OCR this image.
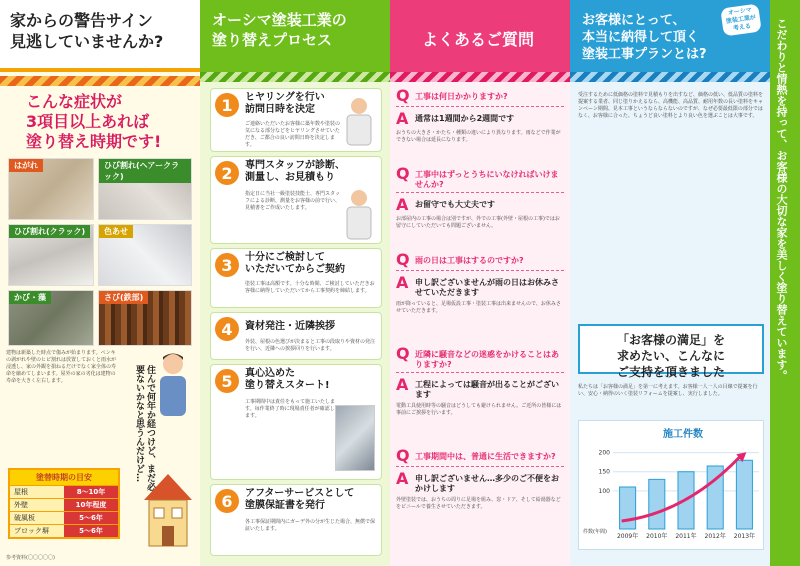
家からの警告サイン
見逃していませんか?
こんな症状が
3項目以上あれば
塗り替え時期です!
はがれ	ひび割れ(ヘアークラック)
ひび割れ(クラック)	色あせ
かび・藻	さび(鉄部)
建物は新築した時点で傷みが始まります。ペンキの剥がれや壁のヒビ割れは放置しておくと雨水が浸透し、家の外観を損ねるだけでなく家全体の寿命を縮めてしまいます。屋外の家の劣化は建物の寿命を大きく左右します。	住んで何年か経つけど、まだ必要ないかなと思うんだけど…
塗替時期の目安
屋根	8〜10年
外壁	10年程度
破風板	5〜6年
ブロック塀	5〜6年
参考資料(〇〇〇〇〇)
オーシマ塗装工業の
塗り替えプロセス
1	ヒヤリングを行い
訪問日時を決定
ご連絡いただいたお客様に築年数や塗装の気になる部分などをヒヤリングさせていただき、ご都合の良い訪問日時を決定します。
2	専門スタッフが診断、
測量し、お見積もり
指定日に当社一級塗装技能士、専門スタッフによる診断、測量をお客様の前で行い、見積書をご作成いたします。
3	十分にご検討して
いただいてからご契約
塗装工事は高額です。十分な時間、ご検討していただきお客様に納得していただいてから工事契約を締結します。
4	資材発注・近隣挨拶
外装、屋根の色選びが決まると工事の段取りや資材の発注を行い、近隣への挨拶回りを行います。
5	真心込めた
塗り替えスタート!
工事期間中は責任をもって施工いたします。毎作業終了時に現場責任者が確認します。
6	アフターサービスとして
塗膜保証書を発行
各工事保証期間内にガーデ外の分が生じた場合、無償で保証いたします。
よくあるご質問
Q 工事は何日かかりますか?
A 通常は1週間から2週間です
おうちの大きさ・かたち・種類の違いにより異なります。雨などで作業ができない場合は延長になります。
Q 工事中はずっとうちにいなければいけませんか?
A お留守でも大丈夫です
お部屋内の工事の場合は別ですが、外での工事(外壁・屋根の工事)ではお留守にしていただいても問題ございません。
Q 雨の日は工事はするのですか?
A 申し訳ございませんが雨の日はお休みさせていただきます
雨が降っていると、足場仮設工事・塗装工事は出来ませんので、お休みさせていただきます。
Q 近隣に騒音などの迷惑をかけることはありますか?
A 工程によっては騒音が出ることがございます
電動工具使用時等の騒音はどうしても避けられません。ご近所の皆様には事前にご挨拶を行います。
Q 工事期間中は、普通に生活できますか?
A 申し訳ございません…多少のご不便をおかけします
外壁塗装では、おうちの周りに足場を組み、窓・ドア、そして給湯器などをビニールで養生させていただきます。
お客様にとって、
本当に納得して頂く
塗装工事プランとは?
オーシマ
塗装工業が
考える
受注するために低価格の塗料で見積もりを出すなど、価格の低い、低品質の塗料を提案する業者、同じ塗りかえるなら、高機能、高品質、耐用年数の長い塗料をキャンペーン期間、見本工事というならならないのですが、なぜ必要最低限の部分ではなく、お客様に合った、ちょうど良い塗料とより良い色を選ぶことは大事です。
「お客様の満足」を
求めたい、こんなに
ご支持を頂きました
私たちは「お客様の満足」を第一に考えます。お客様一人一人の目線で提案を行い、安心・納得のいく塗装リフォームを提案し、実行しました。
施工件数
件数(年間)
2009年 2010年 2011年 2012年 2013年
100
150
200
こだわりと情熱を持って、お客様の大切な家を美しく塗り替えています。
